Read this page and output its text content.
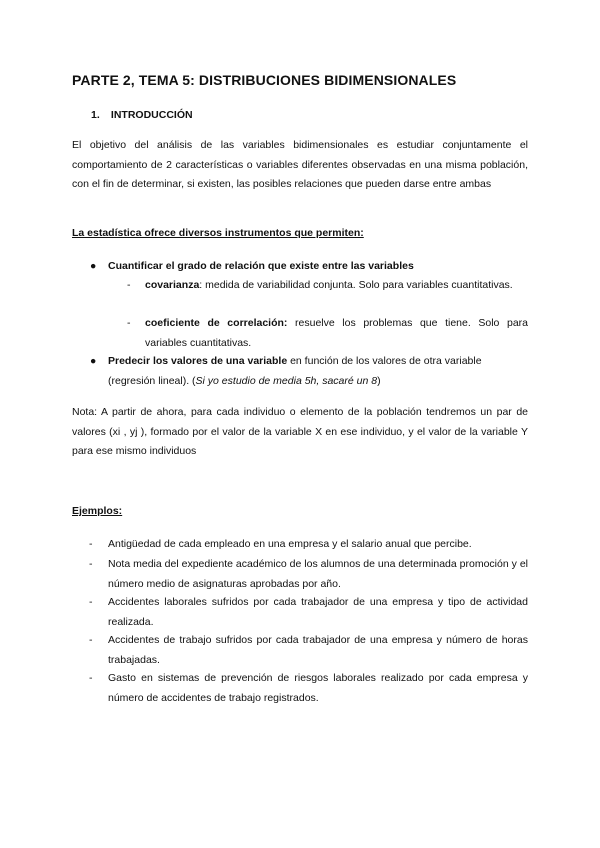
PARTE 2, TEMA 5: DISTRIBUCIONES BIDIMENSIONALES
1. INTRODUCCIÓN
El objetivo del análisis de las variables bidimensionales es estudiar conjuntamente el comportamiento de 2 características o variables diferentes observadas en una misma población, con el fin de determinar, si existen, las posibles relaciones que pueden darse entre ambas
La estadística ofrece diversos instrumentos que permiten:
● Cuantificar el grado de relación que existe entre las variables
- covarianza: medida de variabilidad conjunta. Solo para variables cuantitativas.
- coeficiente de correlación: resuelve los problemas que tiene. Solo para variables cuantitativas.
● Predecir los valores de una variable en función de los valores de otra variable (regresión lineal). (Si yo estudio de media 5h, sacaré un 8)
Nota: A partir de ahora, para cada individuo o elemento de la población tendremos un par de valores (xi , yj ), formado por el valor de la variable X en ese individuo, y el valor de la variable Y para ese mismo individuos
Ejemplos:
- Antigüedad de cada empleado en una empresa y el salario anual que percibe.
- Nota media del expediente académico de los alumnos de una determinada promoción y el número medio de asignaturas aprobadas por año.
- Accidentes laborales sufridos por cada trabajador de una empresa y tipo de actividad realizada.
- Accidentes de trabajo sufridos por cada trabajador de una empresa y número de horas trabajadas.
- Gasto en sistemas de prevención de riesgos laborales realizado por cada empresa y número de accidentes de trabajo registrados.
